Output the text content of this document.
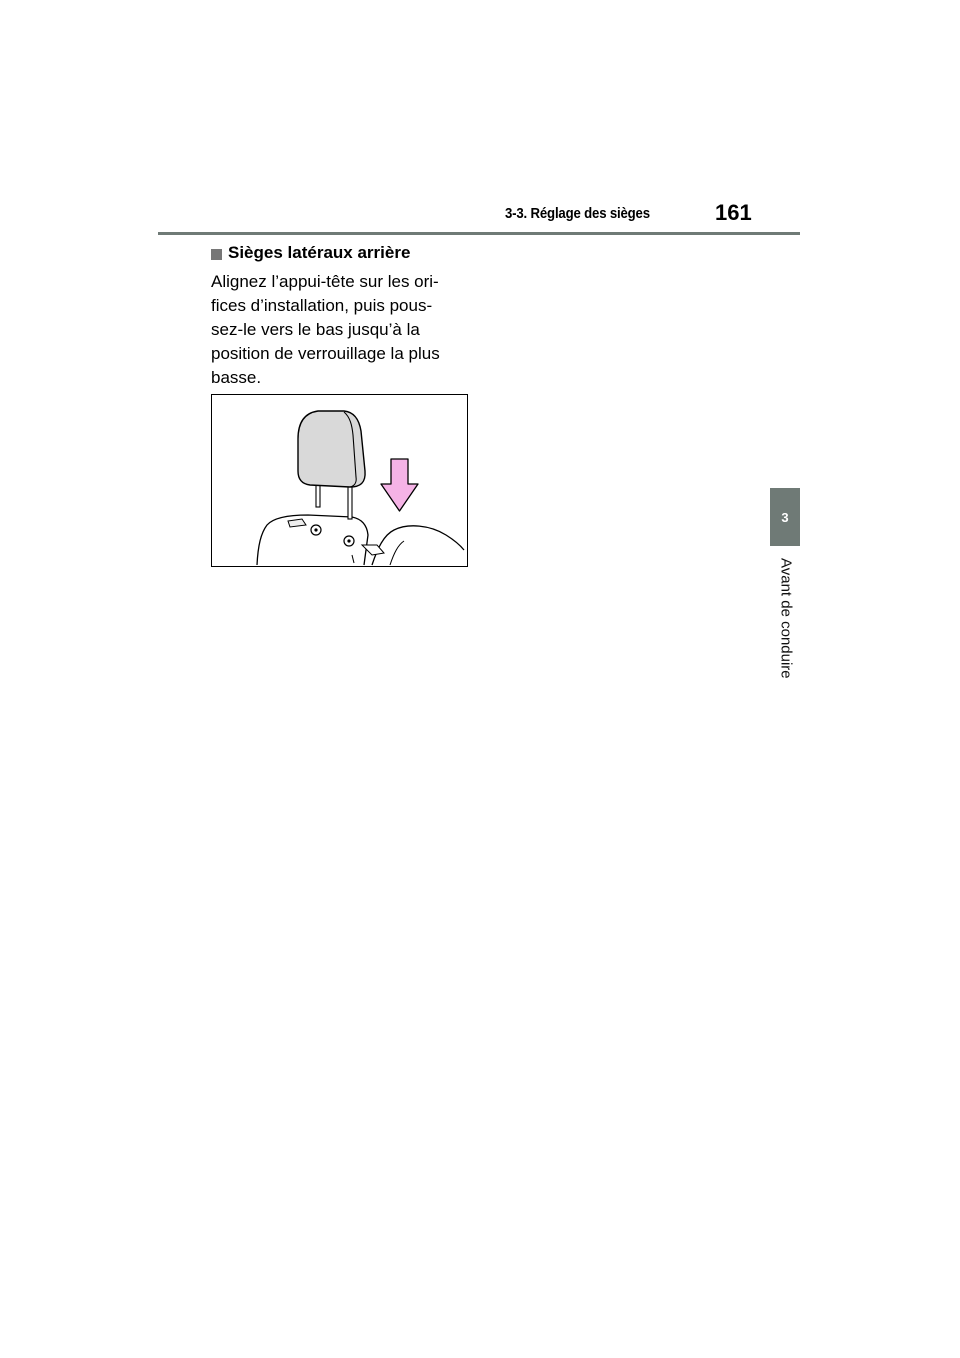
3-3. Réglage des sièges	161
3
Avant de conduire
Sièges latéraux arrière
Alignez l’appui-tête sur les ori-
fices d’installation, puis pous-
sez-le vers le bas jusqu’à la
position de verrouillage la plus
basse.
